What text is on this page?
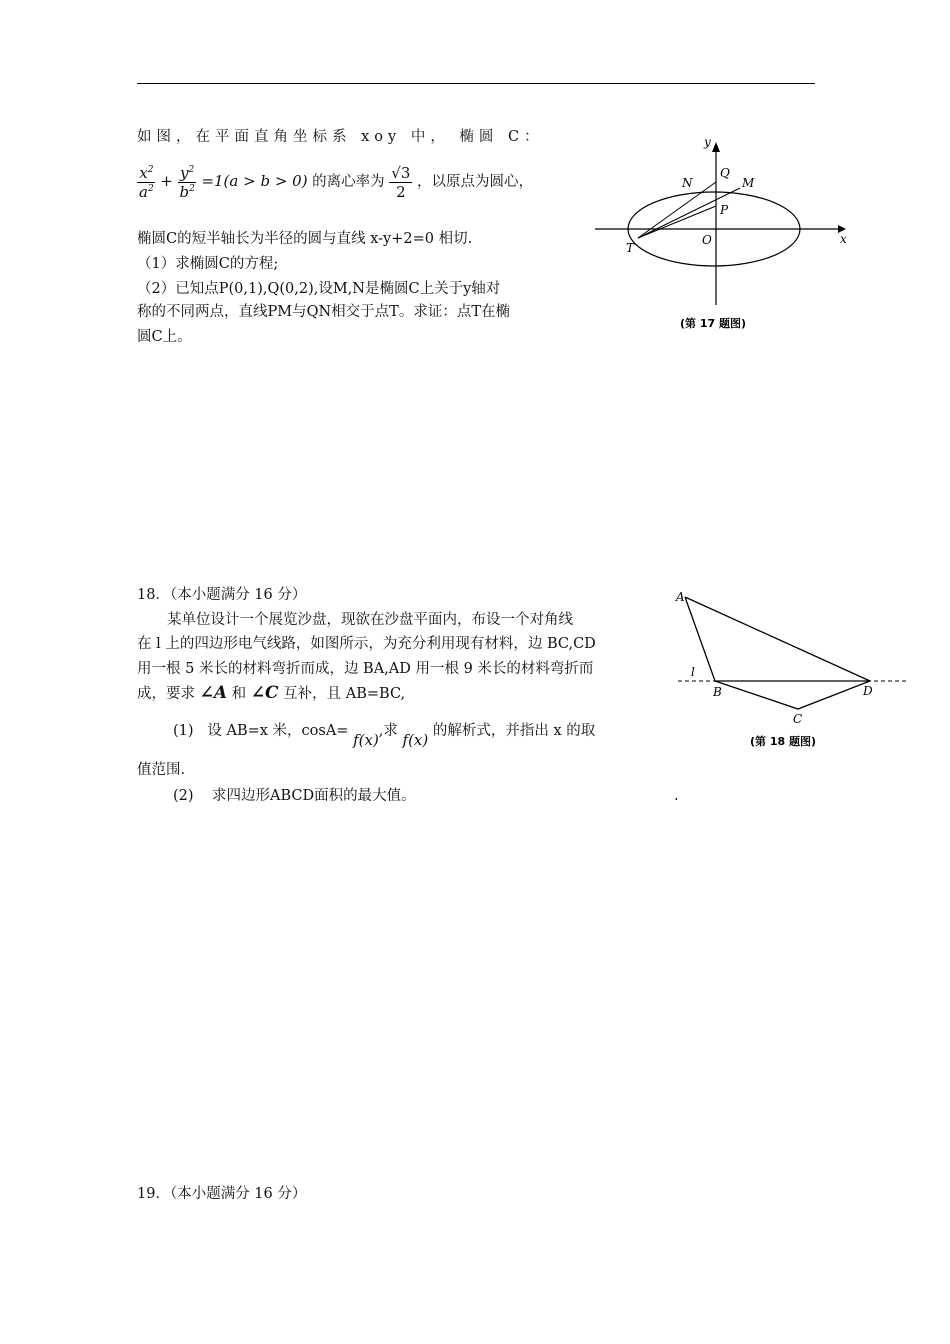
如图，在平面直角坐标系 xoy 中， 椭圆 C：
$\frac{x^2}{a^2} + \frac{y^2}{b^2} =1(a > b > 0)$ 的离心率为 $\frac{√3}{2}$ ，以原点为圆心，
椭圆C的短半轴长为半径的圆与直线 x-y+2=0 相切.
（1）求椭圆C的方程;
（2）已知点P(0,1),Q(0,2),设M,N是椭圆C上关于y轴对
称的不同两点，直线PM与QN相交于点T。求证：点T在椭
圆C上。
y
x
Q
M
N
P
O
T
(第 17 题图)
18．（本小题满分 16 分）
某单位设计一个展览沙盘，现欲在沙盘平面内，布设一个对角线
在 l 上的四边形电气线路，如图所示，为充分利用现有材料，边 BC,CD
用一根 5 米长的材料弯折而成，边 BA,AD 用一根 9 米长的材料弯折而
成，要求 ∠A 和 ∠C 互补，且 AB=BC,
(1) 设 AB=x 米，cosA= f(x),求 f(x) 的解析式，并指出 x 的取
值范围.
(2) 求四边形ABCD面积的最大值。	.
A
l
B	D
C
(第 18 题图)
19．（本小题满分 16 分）
